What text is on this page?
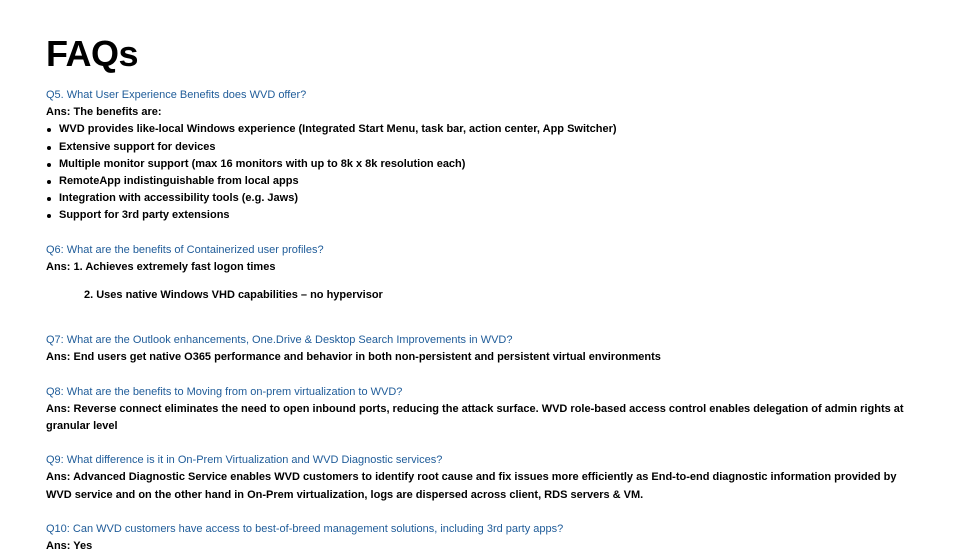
FAQs

Q5. What User Experience Benefits does WVD offer?

Ans: The benefits are:

WVD provides like-local Windows experience (Integrated Start Menu, task bar, action center, App Switcher)
Extensive support for devices
Multiple monitor support (max 16 monitors with up to 8k x 8k resolution each)
RemoteApp indistinguishable from local apps
Integration with accessibility tools (e.g. Jaws)
Support for 3rd party extensions

Q6: What are the benefits of Containerized user profiles?

Ans: 1. Achieves extremely fast logon times

2. Uses native Windows VHD capabilities – no hypervisor

Q7: What are the Outlook enhancements, One.Drive & Desktop Search Improvements in WVD?

Ans: End users get native O365 performance and behavior in both non-persistent and persistent virtual environments

Q8: What are the benefits to Moving from on-prem virtualization to WVD?

Ans: Reverse connect eliminates the need to open inbound ports, reducing the attack surface. WVD role-based access control enables delegation of admin rights at granular level

Q9: What difference is it in On-Prem Virtualization and WVD Diagnostic services?

Ans: Advanced Diagnostic Service enables WVD customers to identify root cause and fix issues more efficiently as End-to-end diagnostic information provided by WVD service and on the other hand in On-Prem virtualization, logs are dispersed across client, RDS servers & VM.

Q10: Can WVD customers have access to best-of-breed management solutions, including 3rd party apps?

Ans: Yes
